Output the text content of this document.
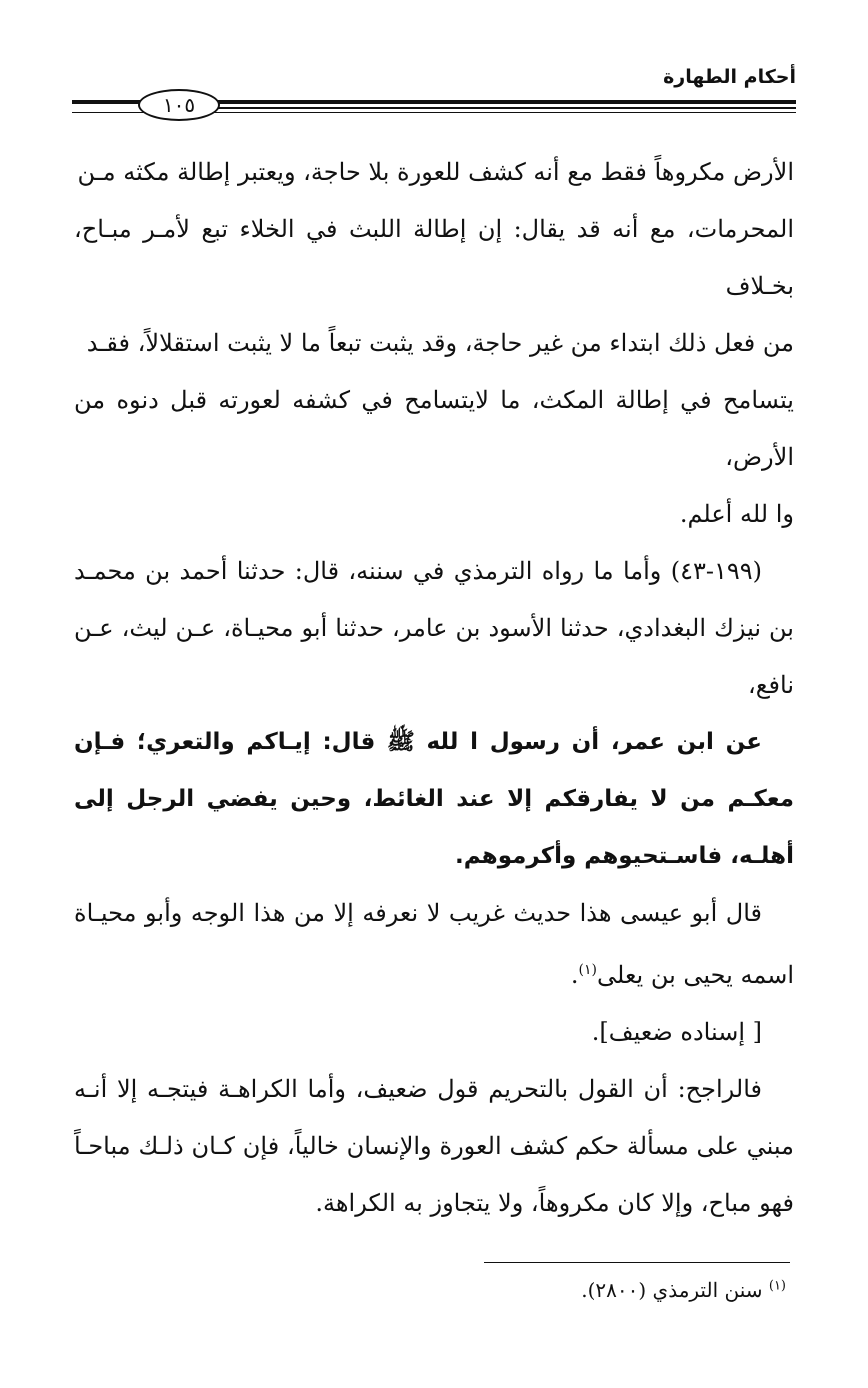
أحكام الطهارة
١٠٥

الأرض مكروهاً فقط مع أنه كشف للعورة بلا حاجة، ويعتبر إطالة مكثه مـن

المحرمات، مع أنه قد يقال: إن إطالة اللبث في الخلاء تبع لأمـر مبـاح، بخـلاف

من فعل ذلك ابتداء من غير حاجة، وقد يثبت تبعاً ما لا يثبت استقلالاً، فقـد

يتسامح في إطالة المكث، ما لايتسامح في كشفه لعورته قبل دنوه من الأرض،

وا لله أعلم.

(١٩٩-٤٣) وأما ما رواه الترمذي في سننه، قال: حدثنا أحمد بن محمـد بن نيزك البغدادي، حدثنا الأسود بن عامر، حدثنا أبو محيـاة، عـن ليث، عـن نافع،

عن ابن عمر، أن رسول ا لله ﷺ قال: إيـاكم والتعري؛ فـإن معكـم من لا يفارقكم إلا عند الغائط، وحين يفضي الرجل إلى أهلـه، فاسـتحيوهم وأكرموهم.

قال أبو عيسى هذا حديث غريب لا نعرفه إلا من هذا الوجه وأبو محيـاة اسمه يحيى بن يعلى$^{(١)}$.

[ إسناده ضعيف].

فالراجح: أن القول بالتحريم قول ضعيف، وأما الكراهـة فيتجـه إلا أنـه مبني على مسألة حكم كشف العورة والإنسان خالياً، فإن كـان ذلـك مباحـاً فهو مباح، وإلا كان مكروهاً، ولا يتجاوز به الكراهة.

$^{(١)}$ سنن الترمذي (٢٨٠٠).
